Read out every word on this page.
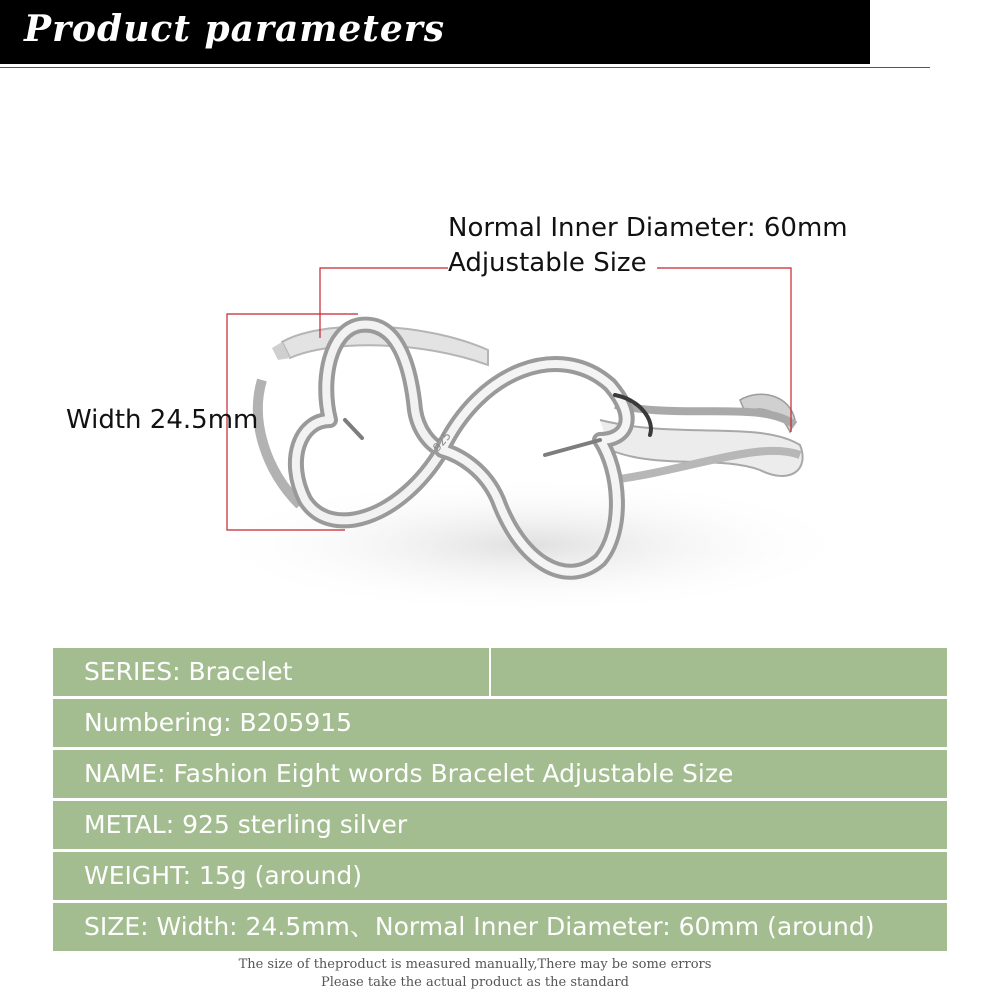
Product parameters
925
Normal Inner Diameter: 60mm
Adjustable Size
Width 24.5mm
SERIES: Bracelet
Numbering: B205915
NAME: Fashion Eight words Bracelet Adjustable Size
METAL: 925 sterling silver
WEIGHT: 15g (around)
SIZE: Width: 24.5mm、Normal Inner Diameter: 60mm (around)
The size of theproduct is measured manually,There may be some errors
Please take the actual product as the standard
